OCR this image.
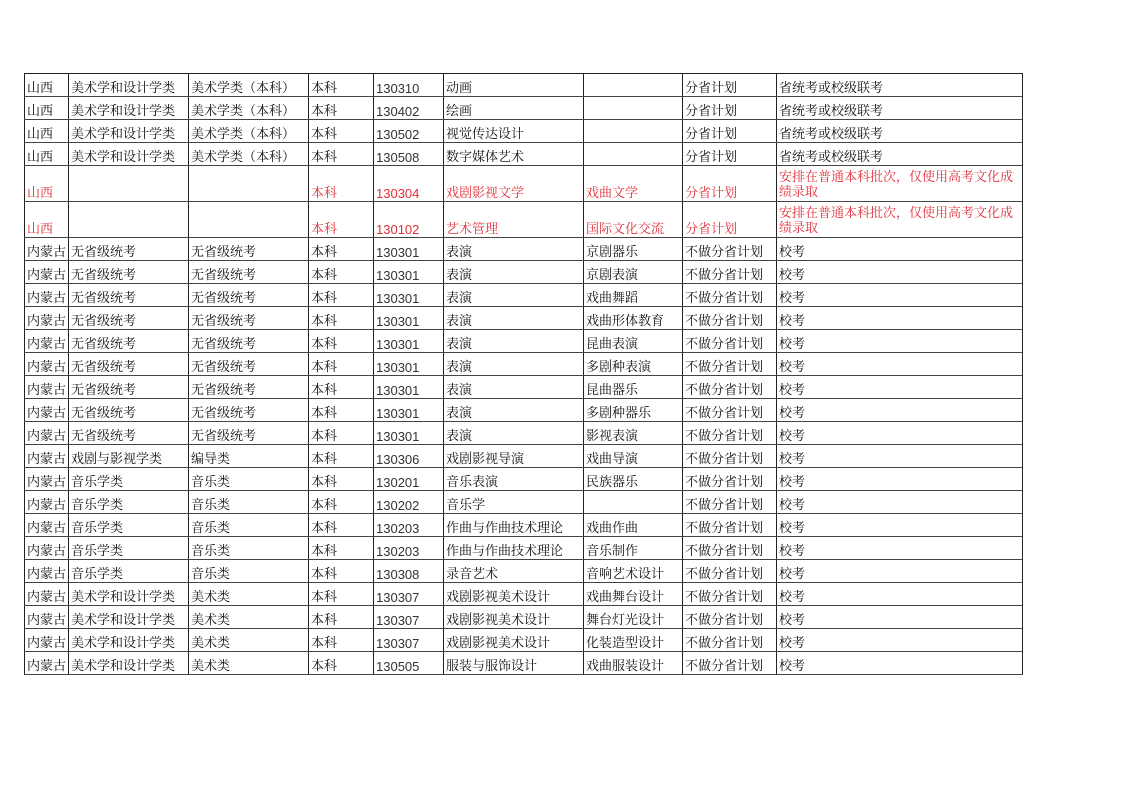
山西	美术学和设计学类	美术学类（本科）	本科	130310	动画		分省计划	省统考或校级联考
山西	美术学和设计学类	美术学类（本科）	本科	130402	绘画		分省计划	省统考或校级联考
山西	美术学和设计学类	美术学类（本科）	本科	130502	视觉传达设计		分省计划	省统考或校级联考
山西	美术学和设计学类	美术学类（本科）	本科	130508	数字媒体艺术		分省计划	省统考或校级联考
山西			本科	130304	戏剧影视文学	戏曲文学	分省计划	安排在普通本科批次，仅使用高考文化成绩录取
山西			本科	130102	艺术管理	国际文化交流	分省计划	安排在普通本科批次，仅使用高考文化成绩录取
内蒙古	无省级统考	无省级统考	本科	130301	表演	京剧器乐	不做分省计划	校考
内蒙古	无省级统考	无省级统考	本科	130301	表演	京剧表演	不做分省计划	校考
内蒙古	无省级统考	无省级统考	本科	130301	表演	戏曲舞蹈	不做分省计划	校考
内蒙古	无省级统考	无省级统考	本科	130301	表演	戏曲形体教育	不做分省计划	校考
内蒙古	无省级统考	无省级统考	本科	130301	表演	昆曲表演	不做分省计划	校考
内蒙古	无省级统考	无省级统考	本科	130301	表演	多剧种表演	不做分省计划	校考
内蒙古	无省级统考	无省级统考	本科	130301	表演	昆曲器乐	不做分省计划	校考
内蒙古	无省级统考	无省级统考	本科	130301	表演	多剧种器乐	不做分省计划	校考
内蒙古	无省级统考	无省级统考	本科	130301	表演	影视表演	不做分省计划	校考
内蒙古	戏剧与影视学类	编导类	本科	130306	戏剧影视导演	戏曲导演	不做分省计划	校考
内蒙古	音乐学类	音乐类	本科	130201	音乐表演	民族器乐	不做分省计划	校考
内蒙古	音乐学类	音乐类	本科	130202	音乐学		不做分省计划	校考
内蒙古	音乐学类	音乐类	本科	130203	作曲与作曲技术理论	戏曲作曲	不做分省计划	校考
内蒙古	音乐学类	音乐类	本科	130203	作曲与作曲技术理论	音乐制作	不做分省计划	校考
内蒙古	音乐学类	音乐类	本科	130308	录音艺术	音响艺术设计	不做分省计划	校考
内蒙古	美术学和设计学类	美术类	本科	130307	戏剧影视美术设计	戏曲舞台设计	不做分省计划	校考
内蒙古	美术学和设计学类	美术类	本科	130307	戏剧影视美术设计	舞台灯光设计	不做分省计划	校考
内蒙古	美术学和设计学类	美术类	本科	130307	戏剧影视美术设计	化装造型设计	不做分省计划	校考
内蒙古	美术学和设计学类	美术类	本科	130505	服装与服饰设计	戏曲服装设计	不做分省计划	校考
